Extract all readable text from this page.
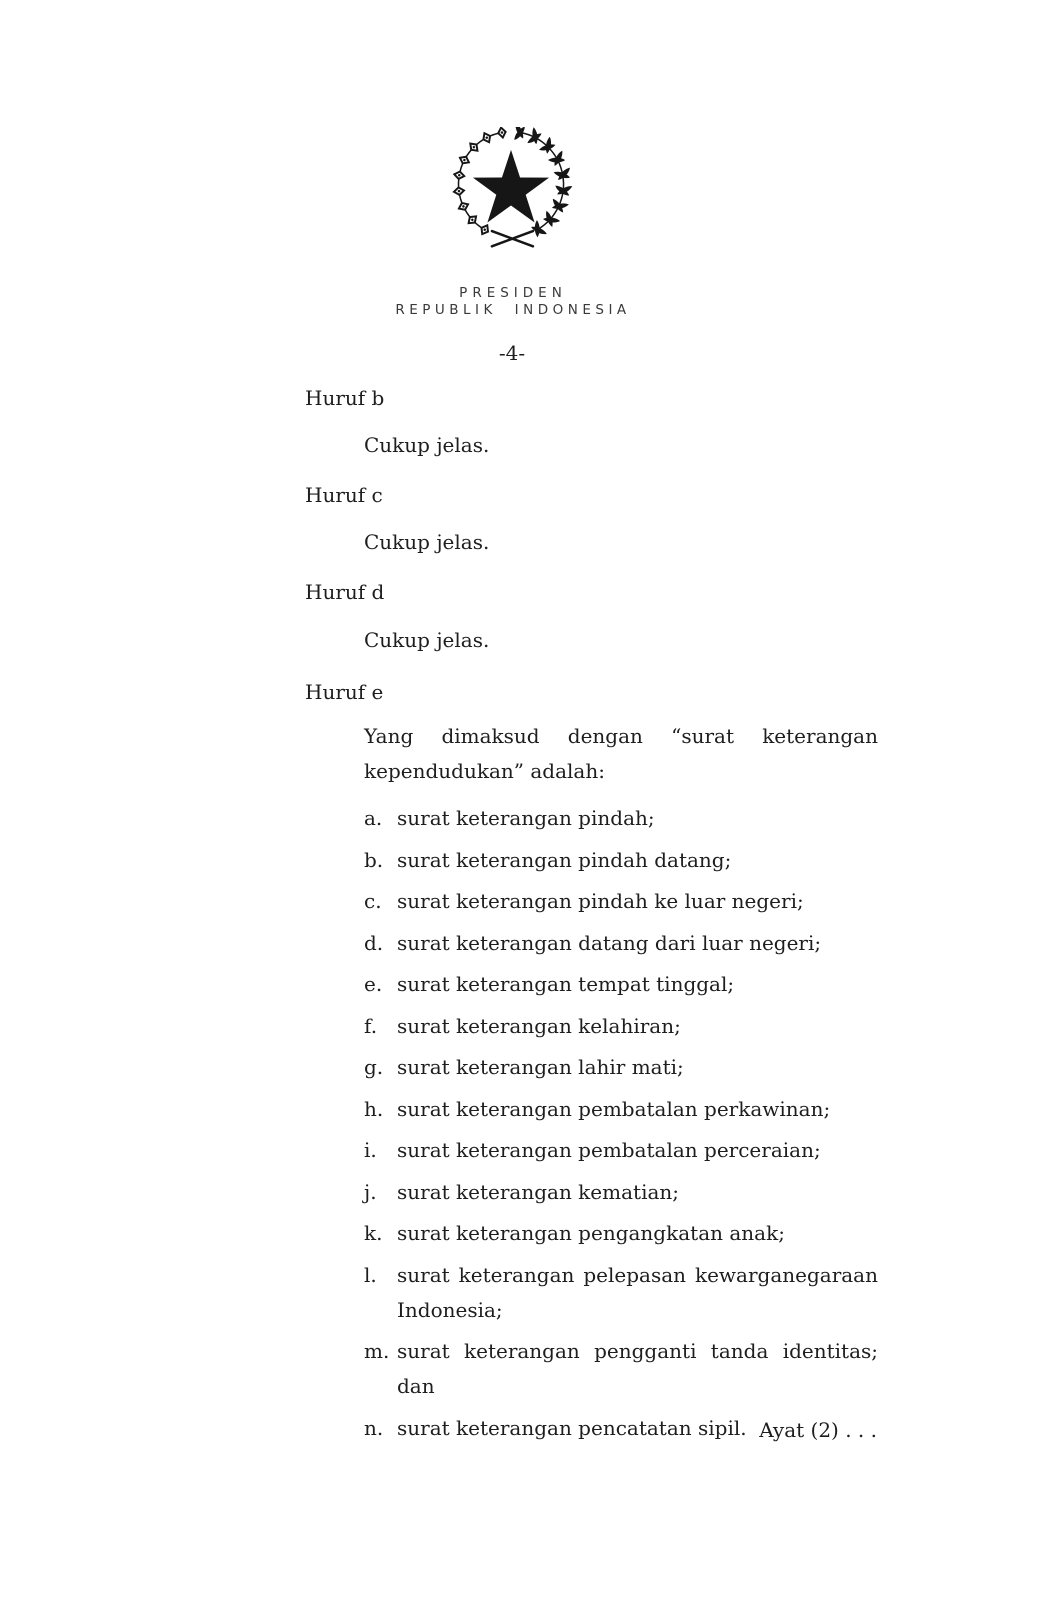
PRESIDEN
REPUBLIK INDONESIA
-4-
Huruf b
Cukup jelas.
Huruf c
Cukup jelas.
Huruf d
Cukup jelas.
Huruf e
Yang dimaksud dengan “surat keterangan kependudukan” adalah:
a. surat keterangan pindah;
b. surat keterangan pindah datang;
c. surat keterangan pindah ke luar negeri;
d. surat keterangan datang dari luar negeri;
e. surat keterangan tempat tinggal;
f. surat keterangan kelahiran;
g. surat keterangan lahir mati;
h. surat keterangan pembatalan perkawinan;
i.	surat keterangan pembatalan perceraian;
j.	surat keterangan kematian;
k. surat keterangan pengangkatan anak;
l.	surat keterangan pelepasan kewarganegaraan Indonesia;
m. surat keterangan pengganti tanda identitas; dan
n. surat keterangan pencatatan sipil. Ayat (2) . . .
